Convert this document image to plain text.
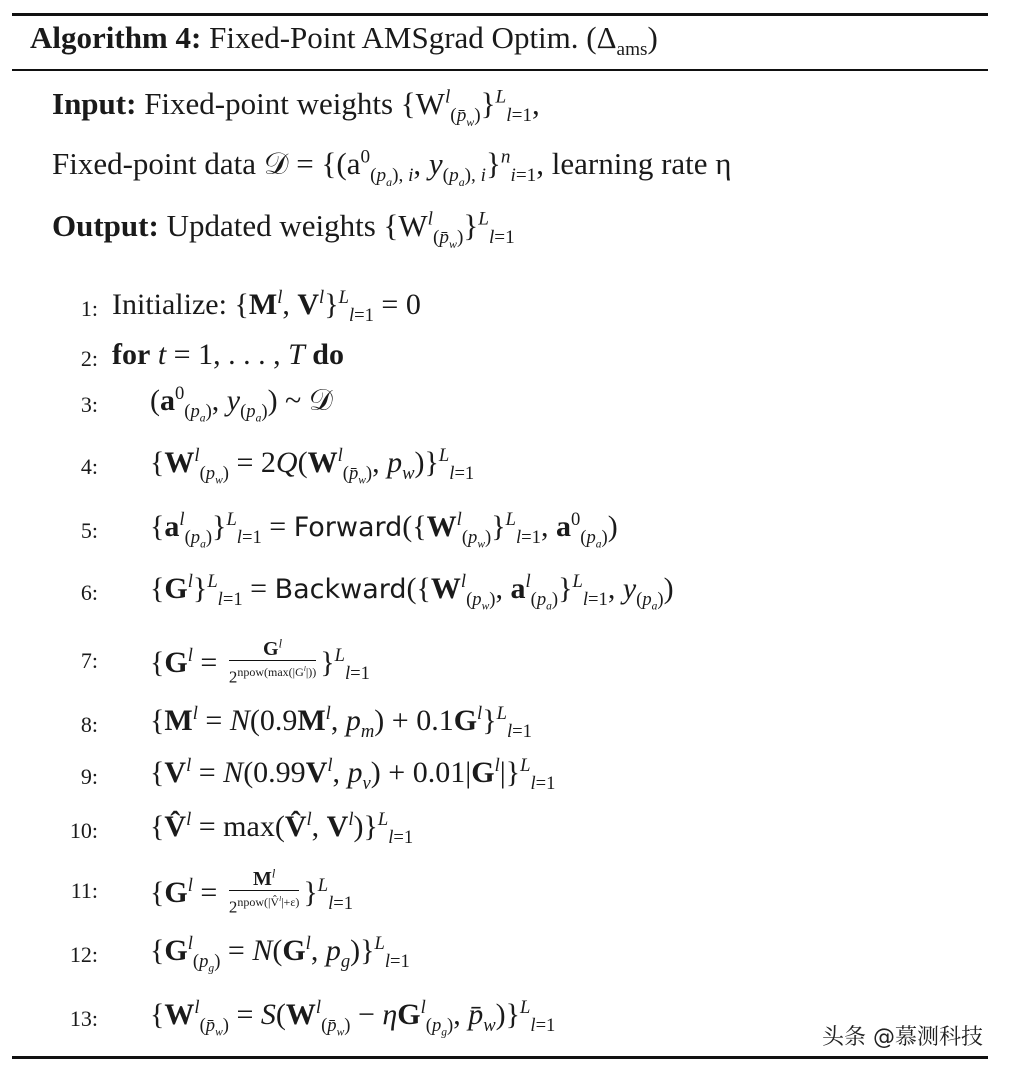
Algorithm 4: Fixed-Point AMSgrad Optim. $(\Delta_{ams})$
Input: Fixed-point weights $\{W^l_{(p̄_w)}\}^L_{l=1}$,
Fixed-point data 𝒟 = {($a^0_{(p_a), i}$, $y_{(p_a), i}\}^n_{i=1}$, learning rate η
Output: Updated weights $\{W^l_{(p̄_w)}\}^L_{l=1}$
1: Initialize: {$M^l$, $V^l\}^L_{l=1} = 0$
2: for t = 1, . . . , T do
3: ($a^0_{(p_a)}$, $y_{(p_a)}$) ~ 𝒟
4: {$W^l_{(p_w)} = 2Q(W^l_{(p̄_w)}$, $p_w)\}^L_{l=1}$
5: $\{a^l_{(p_a)}\}^L_{l=1}$ = $Forward(\{W^l_{(p_w)}\}^L_{l=1}$, $a^0_{(p_a)}$)
6: $\{G^l\}^L_{l=1}$ = $Backward(\{W^l_{(p_w)}$, $a^l_{(p_a)}\}^L_{l=1}$, $y_{(p_a)}$)
7: $\{G^l = \frac{G^l}{2^{npow(max(|G^l|))}} \}^L_{l=1}$
8: {$M^l = N(0.9M^l$, $p_m) + 0.1G^l\}^L_{l=1}$
9: {$V^l = N(0.99V^l$, $p_v) + 0.01|G^l|\}^L_{l=1}$
10: {V̂$^l$ = max(V̂$^l$, $V^l)\}^L_{l=1}$
11: $\{G^l = \frac{M^l}{2^{npow(|V̂^l|+\varepsilon)}} \}^L_{l=1}$
12: {$G^l_{(p_g)} = N(G^l$, $p_g)\}^L_{l=1}$
13: {$W^l_{(p̄_w)} = S(W^l_{(p̄_w)} - \eta G^l_{(p_g)}$, $p̄_w)\}^L_{l=1}$	头条 @慕测科技
